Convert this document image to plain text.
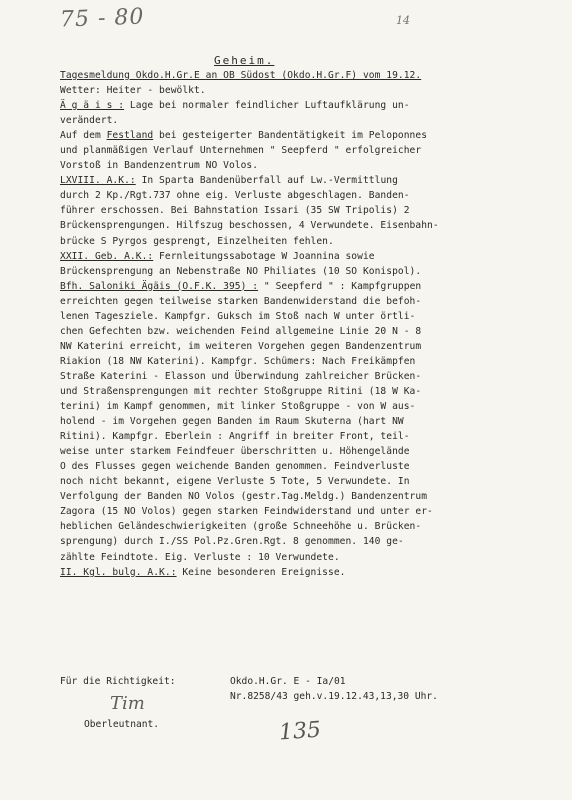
75 - 80	14
Geheim.
Tagesmeldung Okdo.H.Gr.E an OB Südost (Okdo.H.Gr.F) vom 19.12.
Wetter: Heiter - bewölkt.
Ä g ä i s : Lage bei normaler feindlicher Luftaufklärung un-
verändert.
Auf dem Festland bei gesteigerter Bandentätigkeit im Peloponnes
und planmäßigen Verlauf Unternehmen " Seepferd " erfolgreicher
Vorstoß in Bandenzentrum NO Volos.
LXVIII. A.K.: In Sparta Bandenüberfall auf Lw.-Vermittlung
durch 2 Kp./Rgt.737 ohne eig. Verluste abgeschlagen. Banden-
führer erschossen. Bei Bahnstation Issari (35 SW Tripolis) 2
Brückensprengungen. Hilfszug beschossen, 4 Verwundete. Eisenbahn-
brücke S Pyrgos gesprengt, Einzelheiten fehlen.
XXII. Geb. A.K.: Fernleitungssabotage W Joannina sowie
Brückensprengung an Nebenstraße NO Philiates (10 SO Konispol).
Bfh. Saloniki Ägäis (O.F.K. 395) : " Seepferd " : Kampfgruppen
erreichten gegen teilweise starken Bandenwiderstand die befoh-
lenen Tagesziele. Kampfgr. Guksch im Stoß nach W unter örtli-
chen Gefechten bzw. weichenden Feind allgemeine Linie 20 N - 8
NW Katerini erreicht, im weiteren Vorgehen gegen Bandenzentrum
Riakion (18 NW Katerini). Kampfgr. Schümers: Nach Freikämpfen
Straße Katerini - Elasson und Überwindung zahlreicher Brücken-
und Straßensprengungen mit rechter Stoßgruppe Ritini (18 W Ka-
terini) im Kampf genommen, mit linker Stoßgruppe - von W aus-
holend - im Vorgehen gegen Banden im Raum Skuterna (hart NW
Ritini). Kampfgr. Eberlein : Angriff in breiter Front, teil-
weise unter starkem Feindfeuer überschritten u. Höhengelände
O des Flusses gegen weichende Banden genommen. Feindverluste
noch nicht bekannt, eigene Verluste 5 Tote, 5 Verwundete. In
Verfolgung der Banden NO Volos (gestr.Tag.Meldg.) Bandenzentrum
Zagora (15 NO Volos) gegen starken Feindwiderstand und unter er-
heblichen Geländeschwierigkeiten (große Schneehöhe u. Brücken-
sprengung) durch I./SS Pol.Pz.Gren.Rgt. 8 genommen. 140 ge-
zählte Feindtote. Eig. Verluste : 10 Verwundete.
II. Kgl. bulg. A.K.: Keine besonderen Ereignisse.
Für die Richtigkeit:	Okdo.H.Gr. E - Ia/01
Nr.8258/43 geh.v.19.12.43,13,30 Uhr.
Tim
Oberleutnant.	135
